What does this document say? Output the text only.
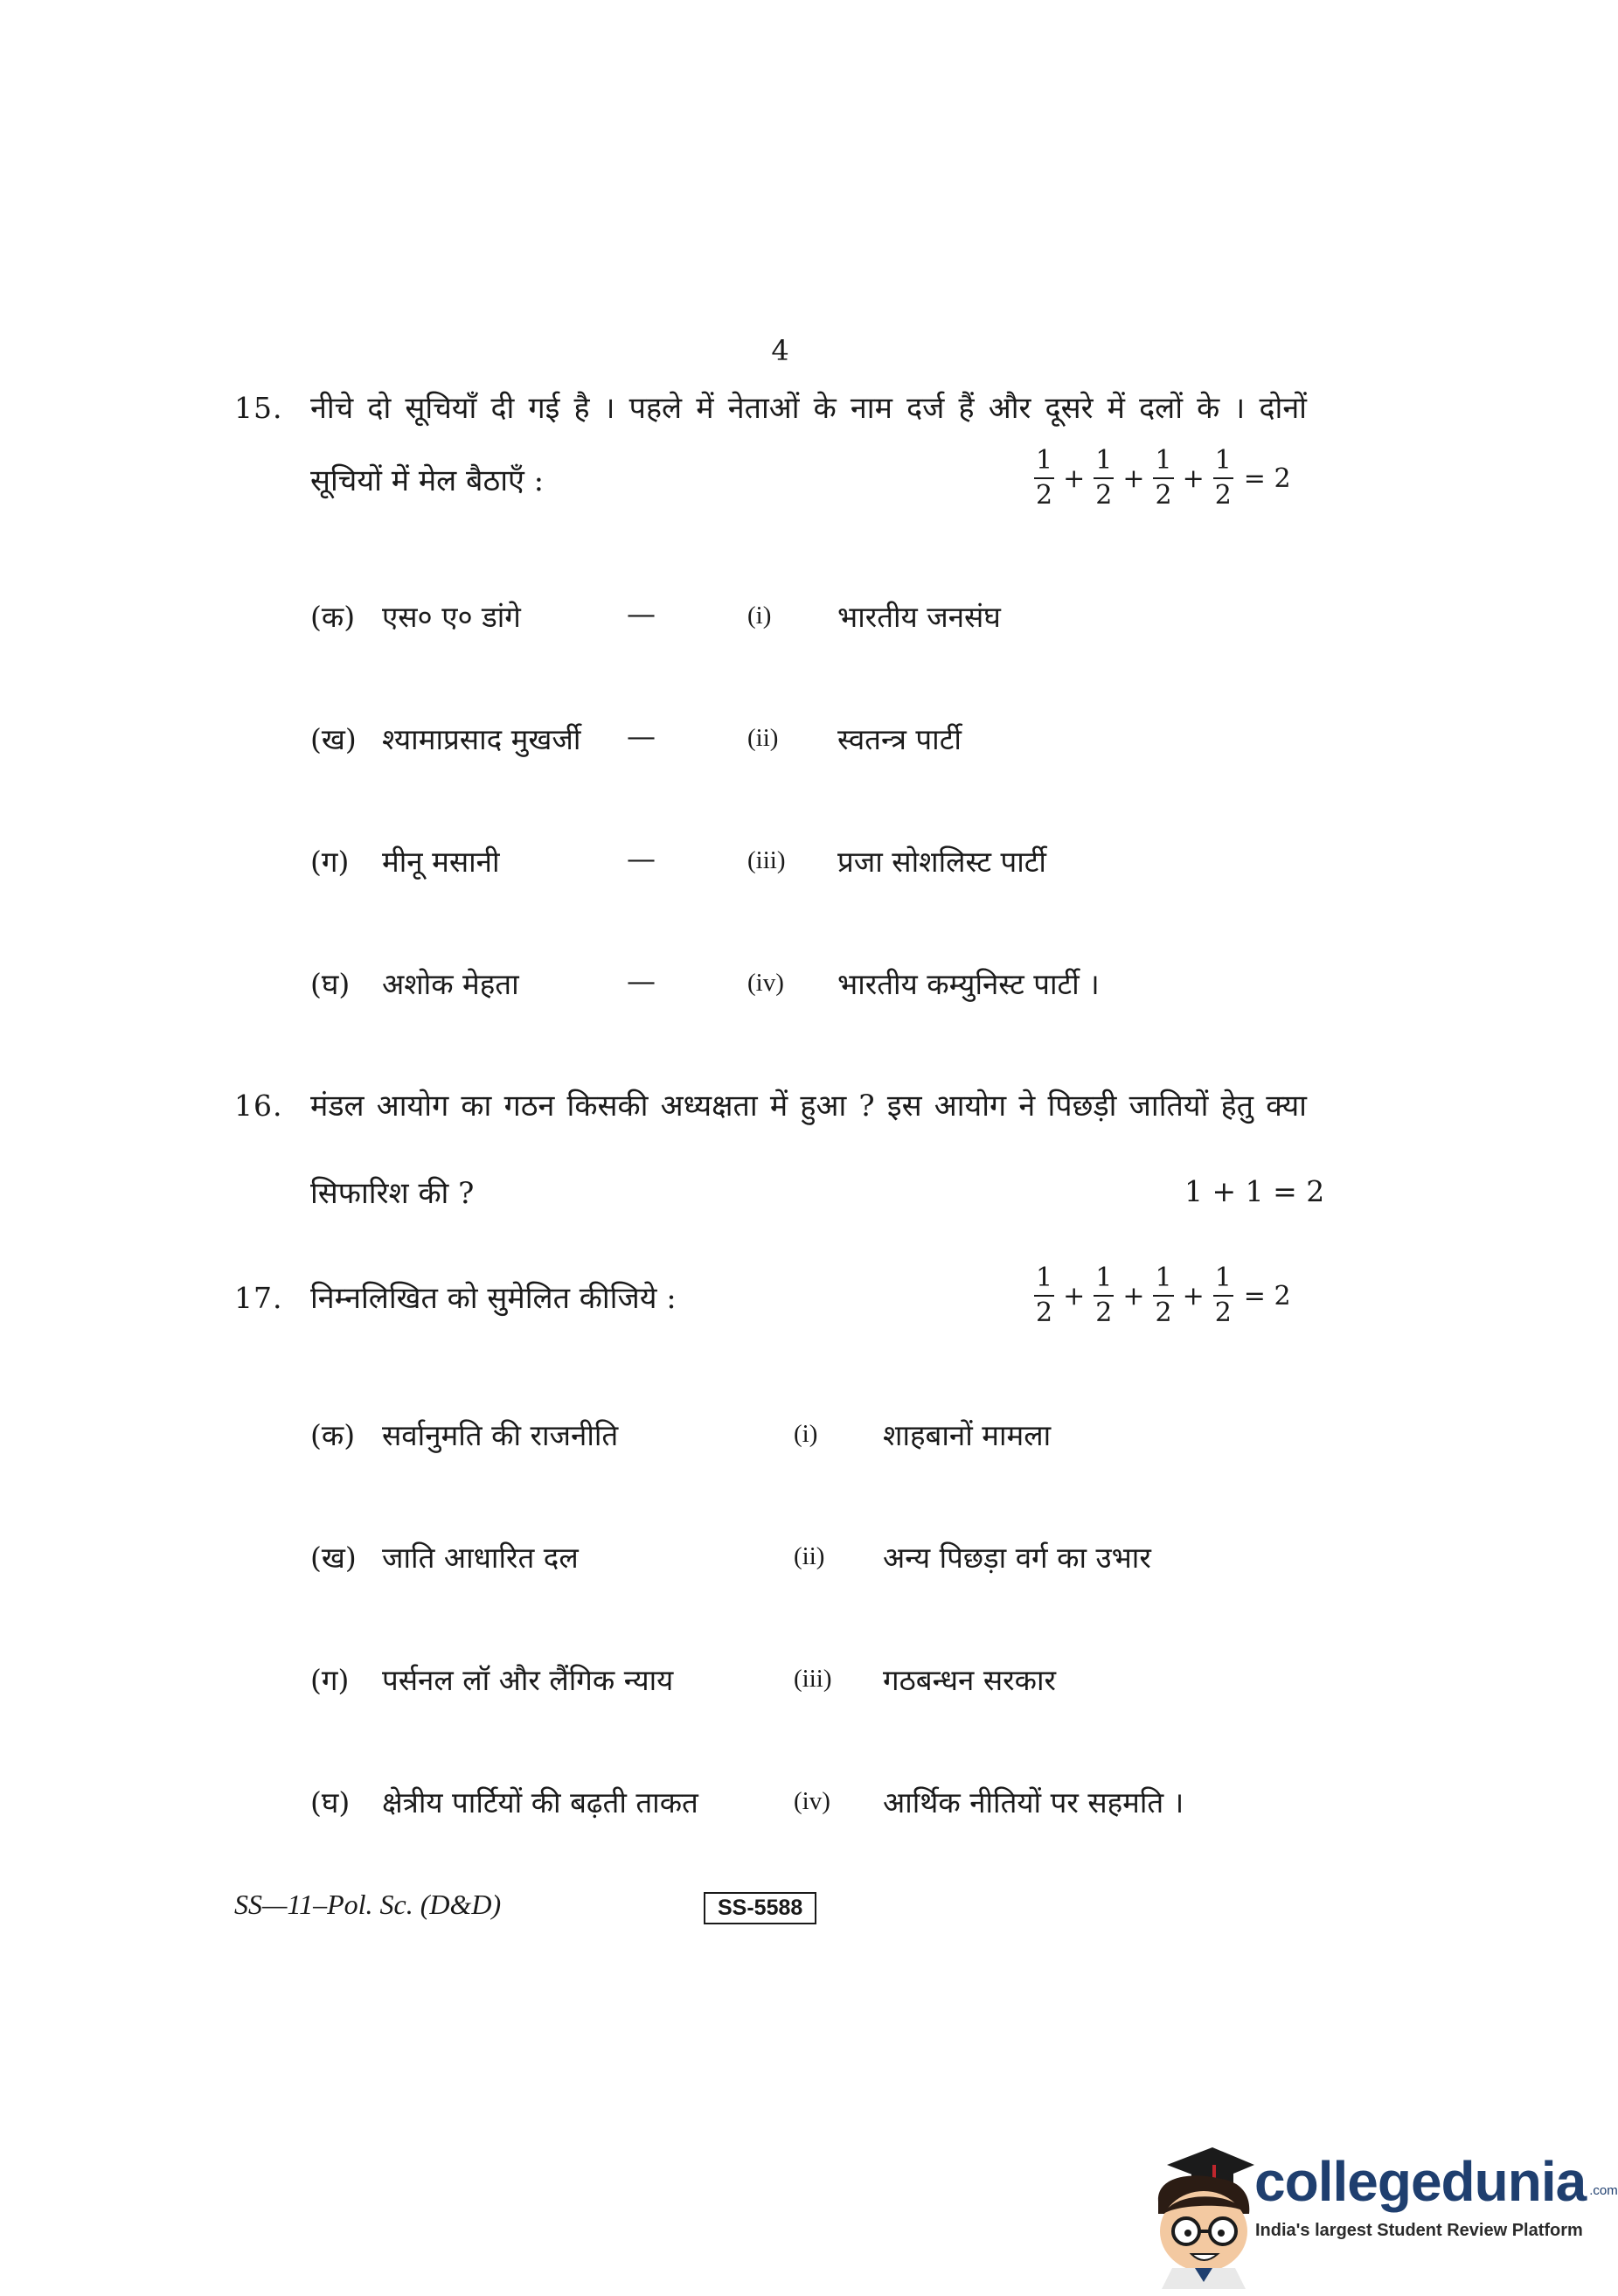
4
15. नीचे दो सूचियाँ दी गई है । पहले में नेताओं के नाम दर्ज हैं और दूसरे में दलों के । दोनों
सूचियों में मेल बैठाएँ :	$\frac{1}{2} + \frac{1}{2} + \frac{1}{2} + \frac{1}{2} = 2$
(क) एस० ए० डांगे	—	(i) भारतीय जनसंघ
(ख) श्यामाप्रसाद मुखर्जी —	(ii) स्वतन्त्र पार्टी
(ग) मीनू मसानी	—	(iii) प्रजा सोशलिस्ट पार्टी
(घ) अशोक मेहता	—	(iv) भारतीय कम्युनिस्ट पार्टी ।
16. मंडल आयोग का गठन किसकी अध्यक्षता में हुआ ? इस आयोग ने पिछड़ी जातियों हेतु क्या
सिफारिश की ?	1 + 1 = 2
17. निम्नलिखित को सुमेलित कीजिये :	$\frac{1}{2} + \frac{1}{2} + \frac{1}{2} + \frac{1}{2} = 2$
(क) सर्वानुमति की राजनीति	(i) शाहबानों मामला
(ख) जाति आधारित दल	(ii) अन्य पिछड़ा वर्ग का उभार
(ग) पर्सनल लॉ और लैंगिक न्याय	(iii) गठबन्धन सरकार
(घ) क्षेत्रीय पार्टियों की बढ़ती ताकत	(iv) आर्थिक नीतियों पर सहमति ।
SS—11–Pol. Sc. (D&D)	SS-5588
collegedunia .com
India's largest Student Review Platform
